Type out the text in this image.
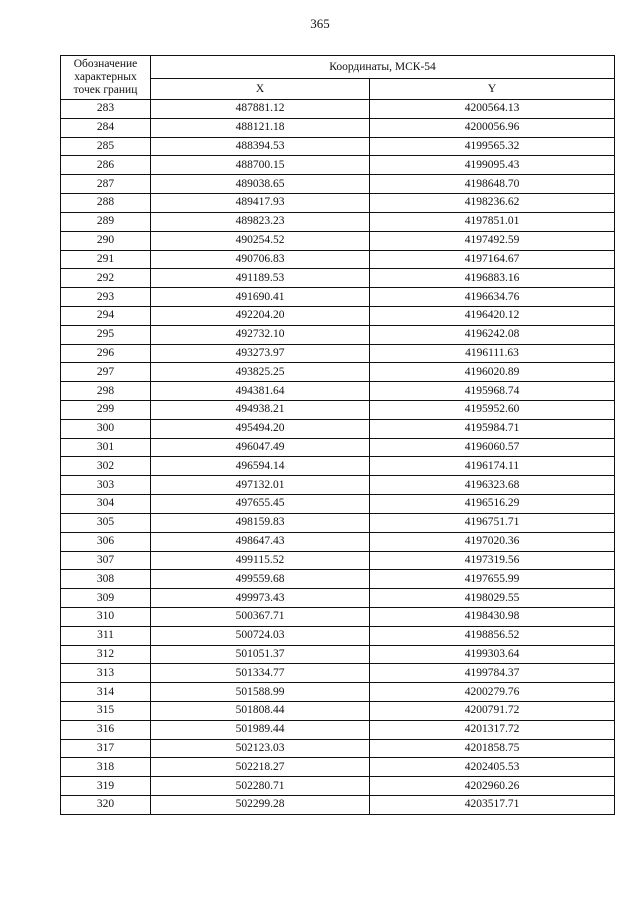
365
Обозначение
характерных
точек границ	Координаты, МСК-54	
	X	Y
283	487881.12	4200564.13
284	488121.18	4200056.96
285	488394.53	4199565.32
286	488700.15	4199095.43
287	489038.65	4198648.70
288	489417.93	4198236.62
289	489823.23	4197851.01
290	490254.52	4197492.59
291	490706.83	4197164.67
292	491189.53	4196883.16
293	491690.41	4196634.76
294	492204.20	4196420.12
295	492732.10	4196242.08
296	493273.97	4196111.63
297	493825.25	4196020.89
298	494381.64	4195968.74
299	494938.21	4195952.60
300	495494.20	4195984.71
301	496047.49	4196060.57
302	496594.14	4196174.11
303	497132.01	4196323.68
304	497655.45	4196516.29
305	498159.83	4196751.71
306	498647.43	4197020.36
307	499115.52	4197319.56
308	499559.68	4197655.99
309	499973.43	4198029.55
310	500367.71	4198430.98
311	500724.03	4198856.52
312	501051.37	4199303.64
313	501334.77	4199784.37
314	501588.99	4200279.76
315	501808.44	4200791.72
316	501989.44	4201317.72
317	502123.03	4201858.75
318	502218.27	4202405.53
319	502280.71	4202960.26
320	502299.28	4203517.71
